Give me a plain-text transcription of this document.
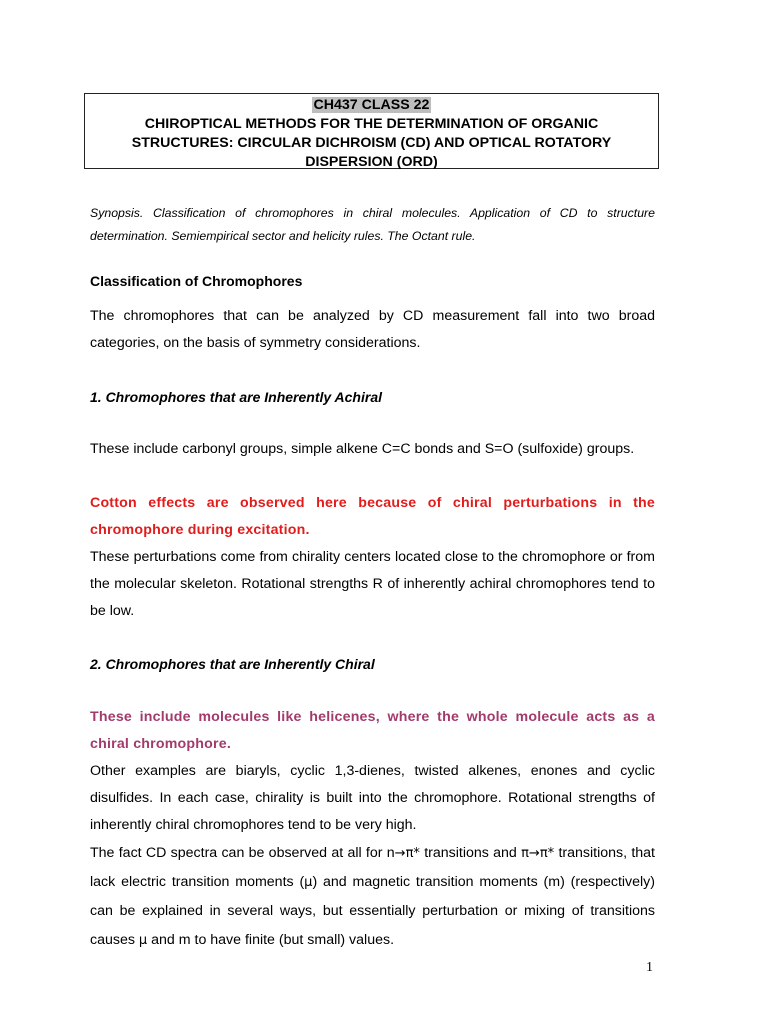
CH437 CLASS 22
CHIROPTICAL METHODS FOR THE DETERMINATION OF ORGANIC
STRUCTURES: CIRCULAR DICHROISM (CD) AND OPTICAL ROTATORY
DISPERSION (ORD)
Synopsis. Classification of chromophores in chiral molecules. Application of CD to structure determination. Semiempirical sector and helicity rules. The Octant rule.
Classification of Chromophores
The chromophores that can be analyzed by CD measurement fall into two broad categories, on the basis of symmetry considerations.
1. Chromophores that are Inherently Achiral
These include carbonyl groups, simple alkene C=C bonds and S=O (sulfoxide) groups.
Cotton effects are observed here because of chiral perturbations in the chromophore during excitation.
These perturbations come from chirality centers located close to the chromophore or from the molecular skeleton. Rotational strengths R of inherently achiral chromophores tend to be low.
2. Chromophores that are Inherently Chiral
These include molecules like helicenes, where the whole molecule acts as a chiral chromophore.
Other examples are biaryls, cyclic 1,3-dienes, twisted alkenes, enones and cyclic disulfides. In each case, chirality is built into the chromophore. Rotational strengths of inherently chiral chromophores tend to be very high.
The fact CD spectra can be observed at all for n→π* transitions and π→π* transitions, that lack electric transition moments (μ) and magnetic transition moments (m) (respectively) can be explained in several ways, but essentially perturbation or mixing of transitions causes μ and m to have finite (but small) values.
1
